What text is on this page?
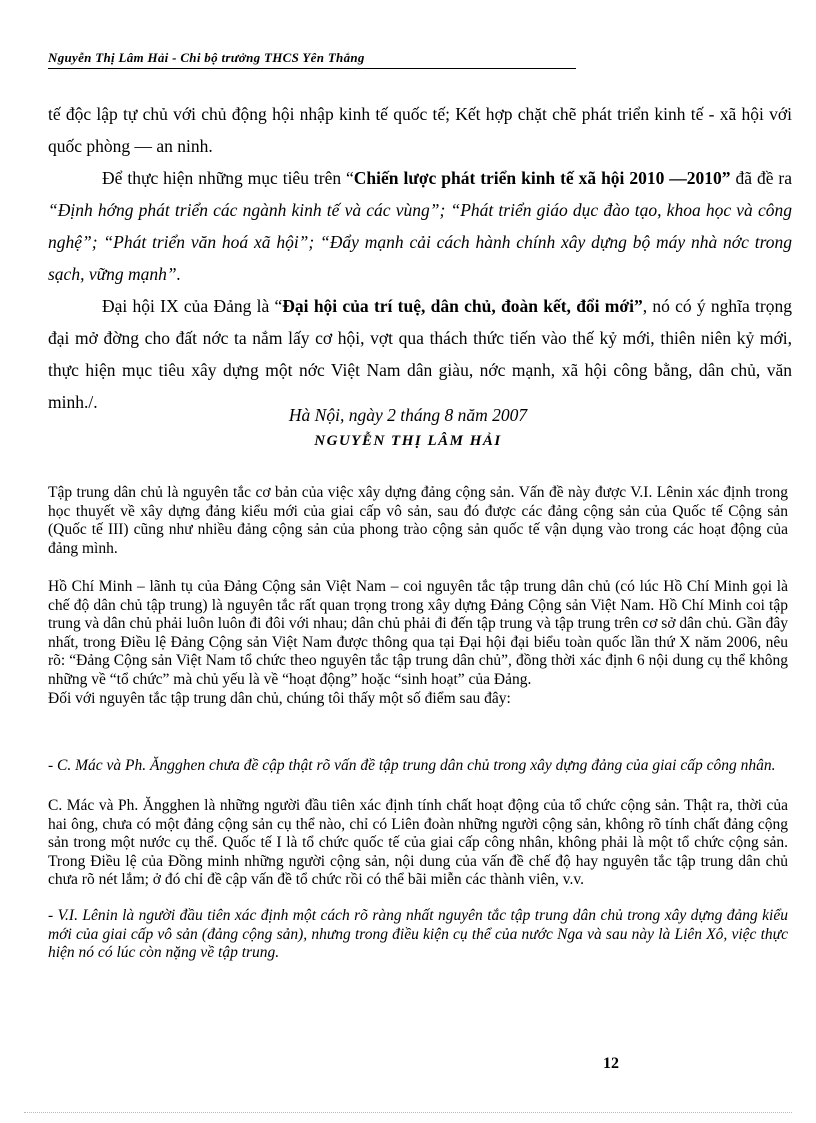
Nguyễn Thị Lâm Hải - Chi bộ trưởng THCS Yên Thắng

tế độc lập tự chủ với chủ động hội nhập kinh tế quốc tế; Kết hợp chặt chẽ phát triển kinh tế - xã hội với quốc phòng — an ninh.

Để thực hiện những mục tiêu trên “Chiến lược phát triển kinh tế xã hội 2010 —2010” đã đề ra “Định hớng phát triển các ngành kinh tế và các vùng”; “Phát triển giáo dục đào tạo, khoa học và công nghệ”; “Phát triển văn hoá xã hội”; “Đẩy mạnh cải cách hành chính xây dựng bộ máy nhà nớc trong sạch, vững mạnh”.

Đại hội IX của Đảng là “Đại hội của trí tuệ, dân chủ, đoàn kết, đổi mới”, nó có ý nghĩa trọng đại mở đờng cho đất nớc ta nắm lấy cơ hội, vợt qua thách thức tiến vào thế kỷ mới, thiên niên kỷ mới, thực hiện mục tiêu xây dựng một nớc Việt Nam dân giàu, nớc mạnh, xã hội công bằng, dân chủ, văn minh./.

Hà Nội, ngày 2 tháng 8 năm 2007
NGUYỄN THỊ LÂM HẢI

Tập trung dân chủ là nguyên tắc cơ bản của việc xây dựng đảng cộng sản. Vấn đề này được V.I. Lênin xác định trong học thuyết về xây dựng đảng kiểu mới của giai cấp vô sản, sau đó được các đảng cộng sản của Quốc tế Cộng sản (Quốc tế III) cũng như nhiều đảng cộng sản của phong trào cộng sản quốc tế vận dụng vào trong các hoạt động của đảng mình.

Hồ Chí Minh – lãnh tụ của Đảng Cộng sản Việt Nam – coi nguyên tắc tập trung dân chủ (có lúc Hồ Chí Minh gọi là chế độ dân chủ tập trung) là nguyên tắc rất quan trọng trong xây dựng Đảng Cộng sản Việt Nam. Hồ Chí Minh coi tập trung và dân chủ phải luôn luôn đi đôi với nhau; dân chủ phải đi đến tập trung và tập trung trên cơ sở dân chủ. Gần đây nhất, trong Điều lệ Đảng Cộng sản Việt Nam được thông qua tại Đại hội đại biểu toàn quốc lần thứ X năm 2006, nêu rõ: “Đảng Cộng sản Việt Nam tổ chức theo nguyên tắc tập trung dân chủ”, đồng thời xác định 6 nội dung cụ thể không những về “tổ chức” mà chủ yếu là về “hoạt động” hoặc “sinh hoạt” của Đảng.

Đối với nguyên tắc tập trung dân chủ, chúng tôi thấy một số điểm sau đây:

- C. Mác và Ph. Ăngghen chưa đề cập thật rõ vấn đề tập trung dân chủ trong xây dựng đảng của giai cấp công nhân.

C. Mác và Ph. Ăngghen là những người đầu tiên xác định tính chất hoạt động của tổ chức cộng sản. Thật ra, thời của hai ông, chưa có một đảng cộng sản cụ thể nào, chỉ có Liên đoàn những người cộng sản, không rõ tính chất đảng cộng sản trong một nước cụ thể. Quốc tế I là tổ chức quốc tế của giai cấp công nhân, không phải là một tổ chức cộng sản. Trong Điều lệ của Đồng minh những người cộng sản, nội dung của vấn đề chế độ hay nguyên tắc tập trung dân chủ chưa rõ nét lắm; ở đó chỉ đề cập vấn đề tổ chức rồi có thể bãi miễn các thành viên, v.v.

- V.I. Lênin là người đầu tiên xác định một cách rõ ràng nhất nguyên tắc tập trung dân chủ trong xây dựng đảng kiểu mới của giai cấp vô sản (đảng cộng sản), nhưng trong điều kiện cụ thể của nước Nga và sau này là Liên Xô, việc thực hiện nó có lúc còn nặng về tập trung.

12
